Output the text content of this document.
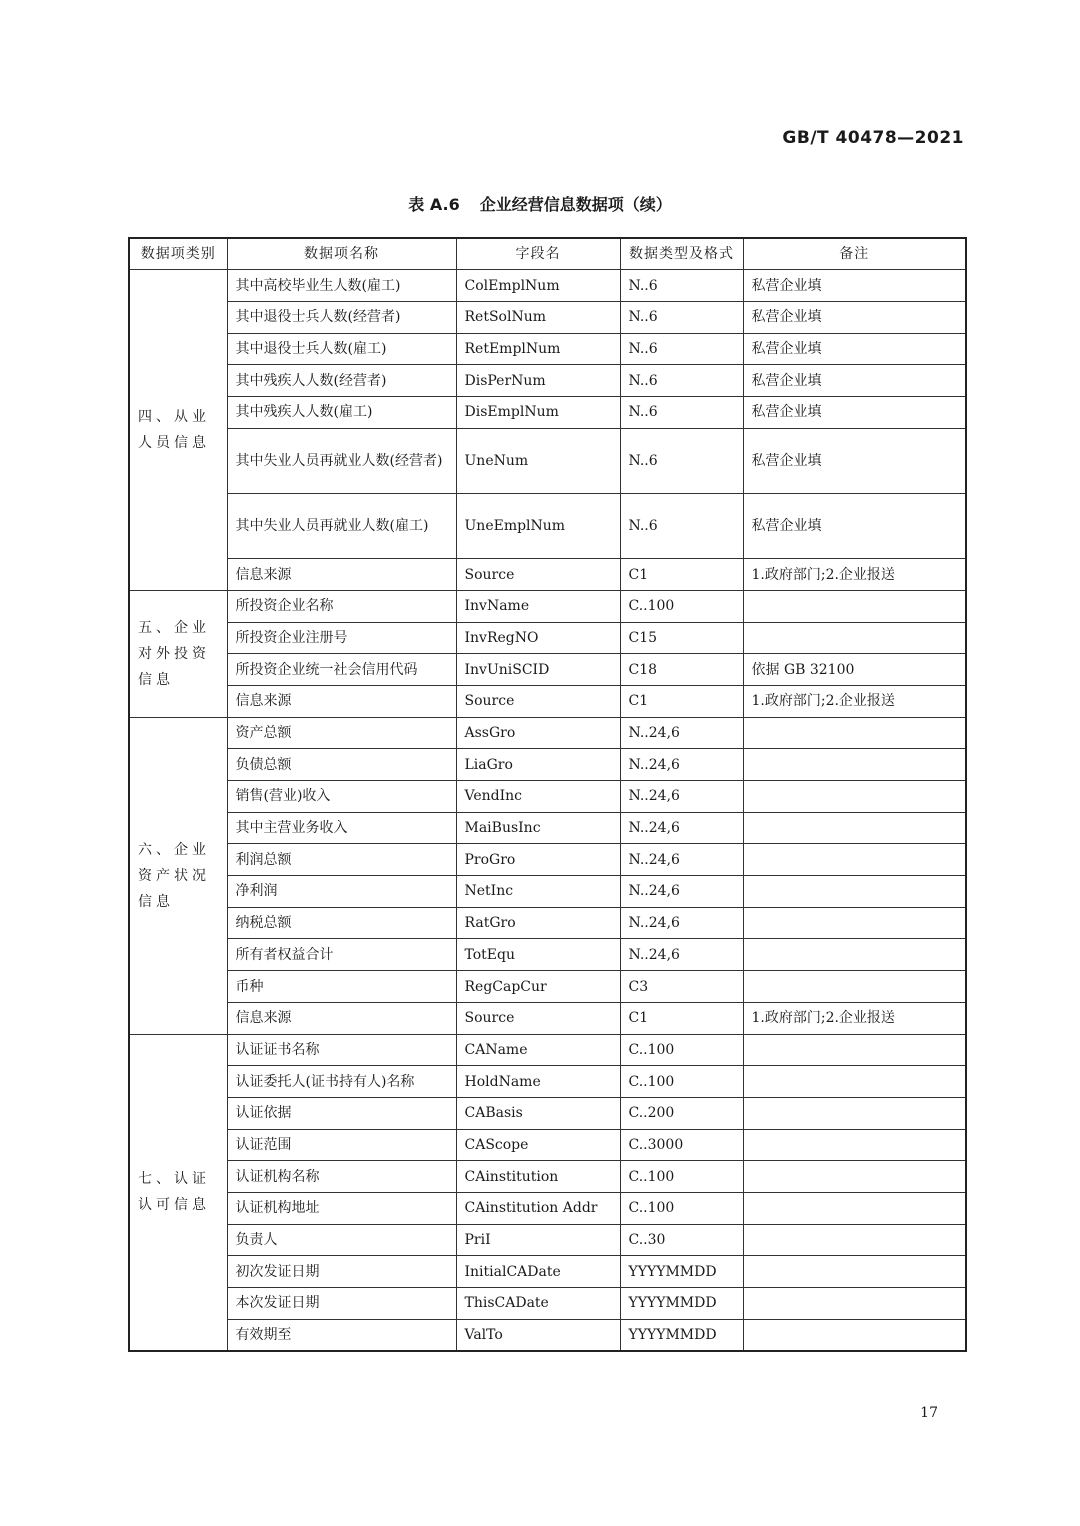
GB/T 40478—2021

表 A.6 企业经营信息数据项（续）

数据项类别	数据项名称	字段名	数据类型及格式	备注
四、从业人员信息	其中高校毕业生人数(雇工)	ColEmplNum	N..6	私营企业填
	其中退役士兵人数(经营者)	RetSolNum	N..6	私营企业填
	其中退役士兵人数(雇工)	RetEmplNum	N..6	私营企业填
	其中残疾人人数(经营者)	DisPerNum	N..6	私营企业填
	其中残疾人人数(雇工)	DisEmplNum	N..6	私营企业填
	其中失业人员再就业人数(经营者)	UneNum	N..6	私营企业填
	其中失业人员再就业人数(雇工)	UneEmplNum	N..6	私营企业填
	信息来源	Source	C1	1.政府部门;2.企业报送
五、企业对外投资信息	所投资企业名称	InvName	C..100	
	所投资企业注册号	InvRegNO	C15	
	所投资企业统一社会信用代码	InvUniSCID	C18	依据 GB 32100
	信息来源	Source	C1	1.政府部门;2.企业报送
六、企业资产状况信息	资产总额	AssGro	N..24,6	
	负债总额	LiaGro	N..24,6	
	销售(营业)收入	VendInc	N..24,6	
	其中主营业务收入	MaiBusInc	N..24,6	
	利润总额	ProGro	N..24,6	
	净利润	NetInc	N..24,6	
	纳税总额	RatGro	N..24,6	
	所有者权益合计	TotEqu	N..24,6	
	币种	RegCapCur	C3	
	信息来源	Source	C1	1.政府部门;2.企业报送
七、认证认可信息	认证证书名称	CAName	C..100	
	认证委托人(证书持有人)名称	HoldName	C..100	
	认证依据	CABasis	C..200	
	认证范围	CAScope	C..3000	
	认证机构名称	CAinstitution	C..100	
	认证机构地址	CAinstitution Addr	C..100	
	负责人	PriI	C..30	
	初次发证日期	InitialCADate	YYYYMMDD	
	本次发证日期	ThisCADate	YYYYMMDD	
	有效期至	ValTo	YYYYMMDD	

17
